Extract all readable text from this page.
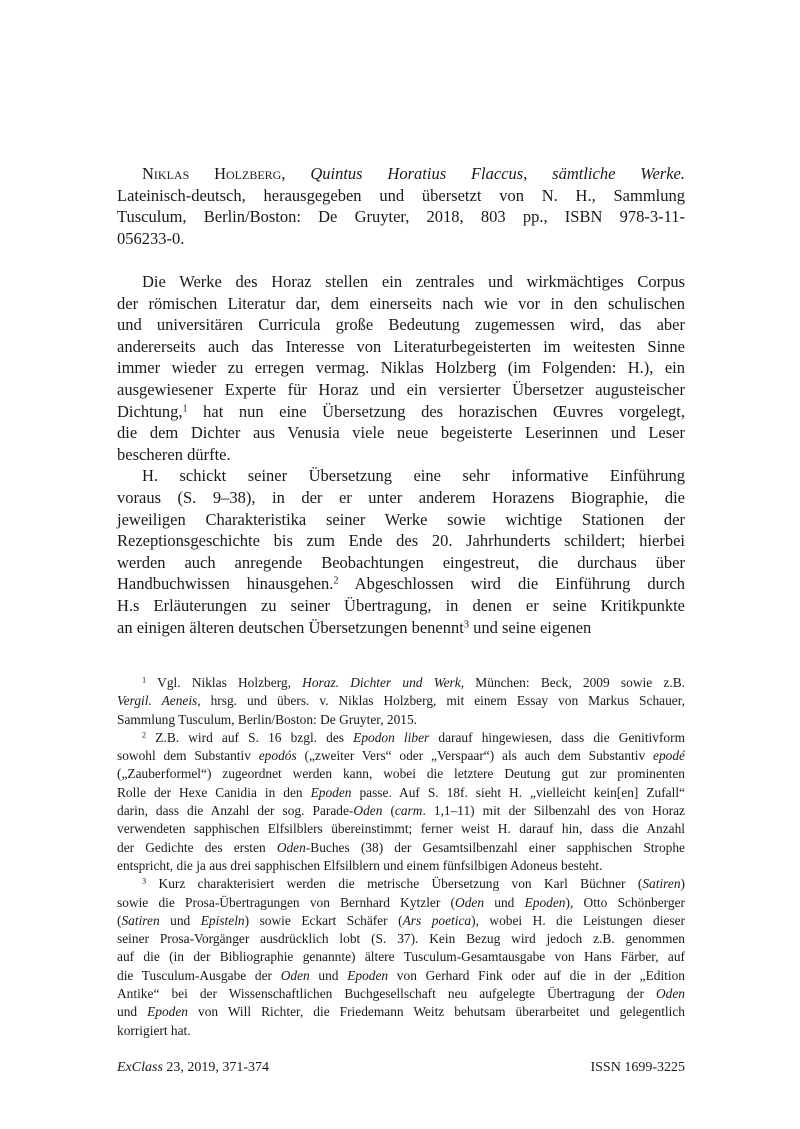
Niklas Holzberg, Quintus Horatius Flaccus, sämtliche Werke.
Lateinisch-deutsch, herausgegeben und übersetzt von N. H., Sammlung
Tusculum, Berlin/Boston: De Gruyter, 2018, 803 pp., ISBN 978-3-11-
056233-0.
Die Werke des Horaz stellen ein zentrales und wirkmächtiges Corpus
der römischen Literatur dar, dem einerseits nach wie vor in den schulischen
und universitären Curricula große Bedeutung zugemessen wird, das aber
andererseits auch das Interesse von Literaturbegeisterten im weitesten Sinne
immer wieder zu erregen vermag. Niklas Holzberg (im Folgenden: H.), ein
ausgewiesener Experte für Horaz und ein versierter Übersetzer augusteischer
Dichtung,$^1$ hat nun eine Übersetzung des horazischen Œuvres vorgelegt,
die dem Dichter aus Venusia viele neue begeisterte Leserinnen und Leser
bescheren dürfte.
H. schickt seiner Übersetzung eine sehr informative Einführung
voraus (S. 9–38), in der er unter anderem Horazens Biographie, die
jeweiligen Charakteristika seiner Werke sowie wichtige Stationen der
Rezeptionsgeschichte bis zum Ende des 20. Jahrhunderts schildert; hierbei
werden auch anregende Beobachtungen eingestreut, die durchaus über
Handbuchwissen hinausgehen.$^2$ Abgeschlossen wird die Einführung durch
H.s Erläuterungen zu seiner Übertragung, in denen er seine Kritikpunkte
an einigen älteren deutschen Übersetzungen benennt$^3$ und seine eigenen
$^1$ Vgl. Niklas Holzberg, Horaz. Dichter und Werk, München: Beck, 2009 sowie z.B.
Vergil. Aeneis, hrsg. und übers. v. Niklas Holzberg, mit einem Essay von Markus Schauer,
Sammlung Tusculum, Berlin/Boston: De Gruyter, 2015.
$^2$ Z.B. wird auf S. 16 bzgl. des Epodon liber darauf hingewiesen, dass die Genitivform
sowohl dem Substantiv epodós („zweiter Vers“ oder „Verspaar“) als auch dem Substantiv epodé
(„Zauberformel“) zugeordnet werden kann, wobei die letztere Deutung gut zur prominenten
Rolle der Hexe Canidia in den Epoden passe. Auf S. 18f. sieht H. „vielleicht kein[en] Zufall“
darin, dass die Anzahl der sog. Parade-Oden (carm. 1,1–11) mit der Silbenzahl des von Horaz
verwendeten sapphischen Elfsilblers übereinstimmt; ferner weist H. darauf hin, dass die Anzahl
der Gedichte des ersten Oden-Buches (38) der Gesamtsilbenzahl einer sapphischen Strophe
entspricht, die ja aus drei sapphischen Elfsilblern und einem fünfsilbigen Adoneus besteht.
$^3$ Kurz charakterisiert werden die metrische Übersetzung von Karl Büchner (Satiren)
sowie die Prosa-Übertragungen von Bernhard Kytzler (Oden und Epoden), Otto Schönberger
(Satiren und Episteln) sowie Eckart Schäfer (Ars poetica), wobei H. die Leistungen dieser
seiner Prosa-Vorgänger ausdrücklich lobt (S. 37). Kein Bezug wird jedoch z.B. genommen
auf die (in der Bibliographie genannte) ältere Tusculum-Gesamtausgabe von Hans Färber, auf
die Tusculum-Ausgabe der Oden und Epoden von Gerhard Fink oder auf die in der „Edition
Antike“ bei der Wissenschaftlichen Buchgesellschaft neu aufgelegte Übertragung der Oden
und Epoden von Will Richter, die Friedemann Weitz behutsam überarbeitet und gelegentlich
korrigiert hat.
ExClass 23, 2019, 371-374	ISSN 1699-3225
